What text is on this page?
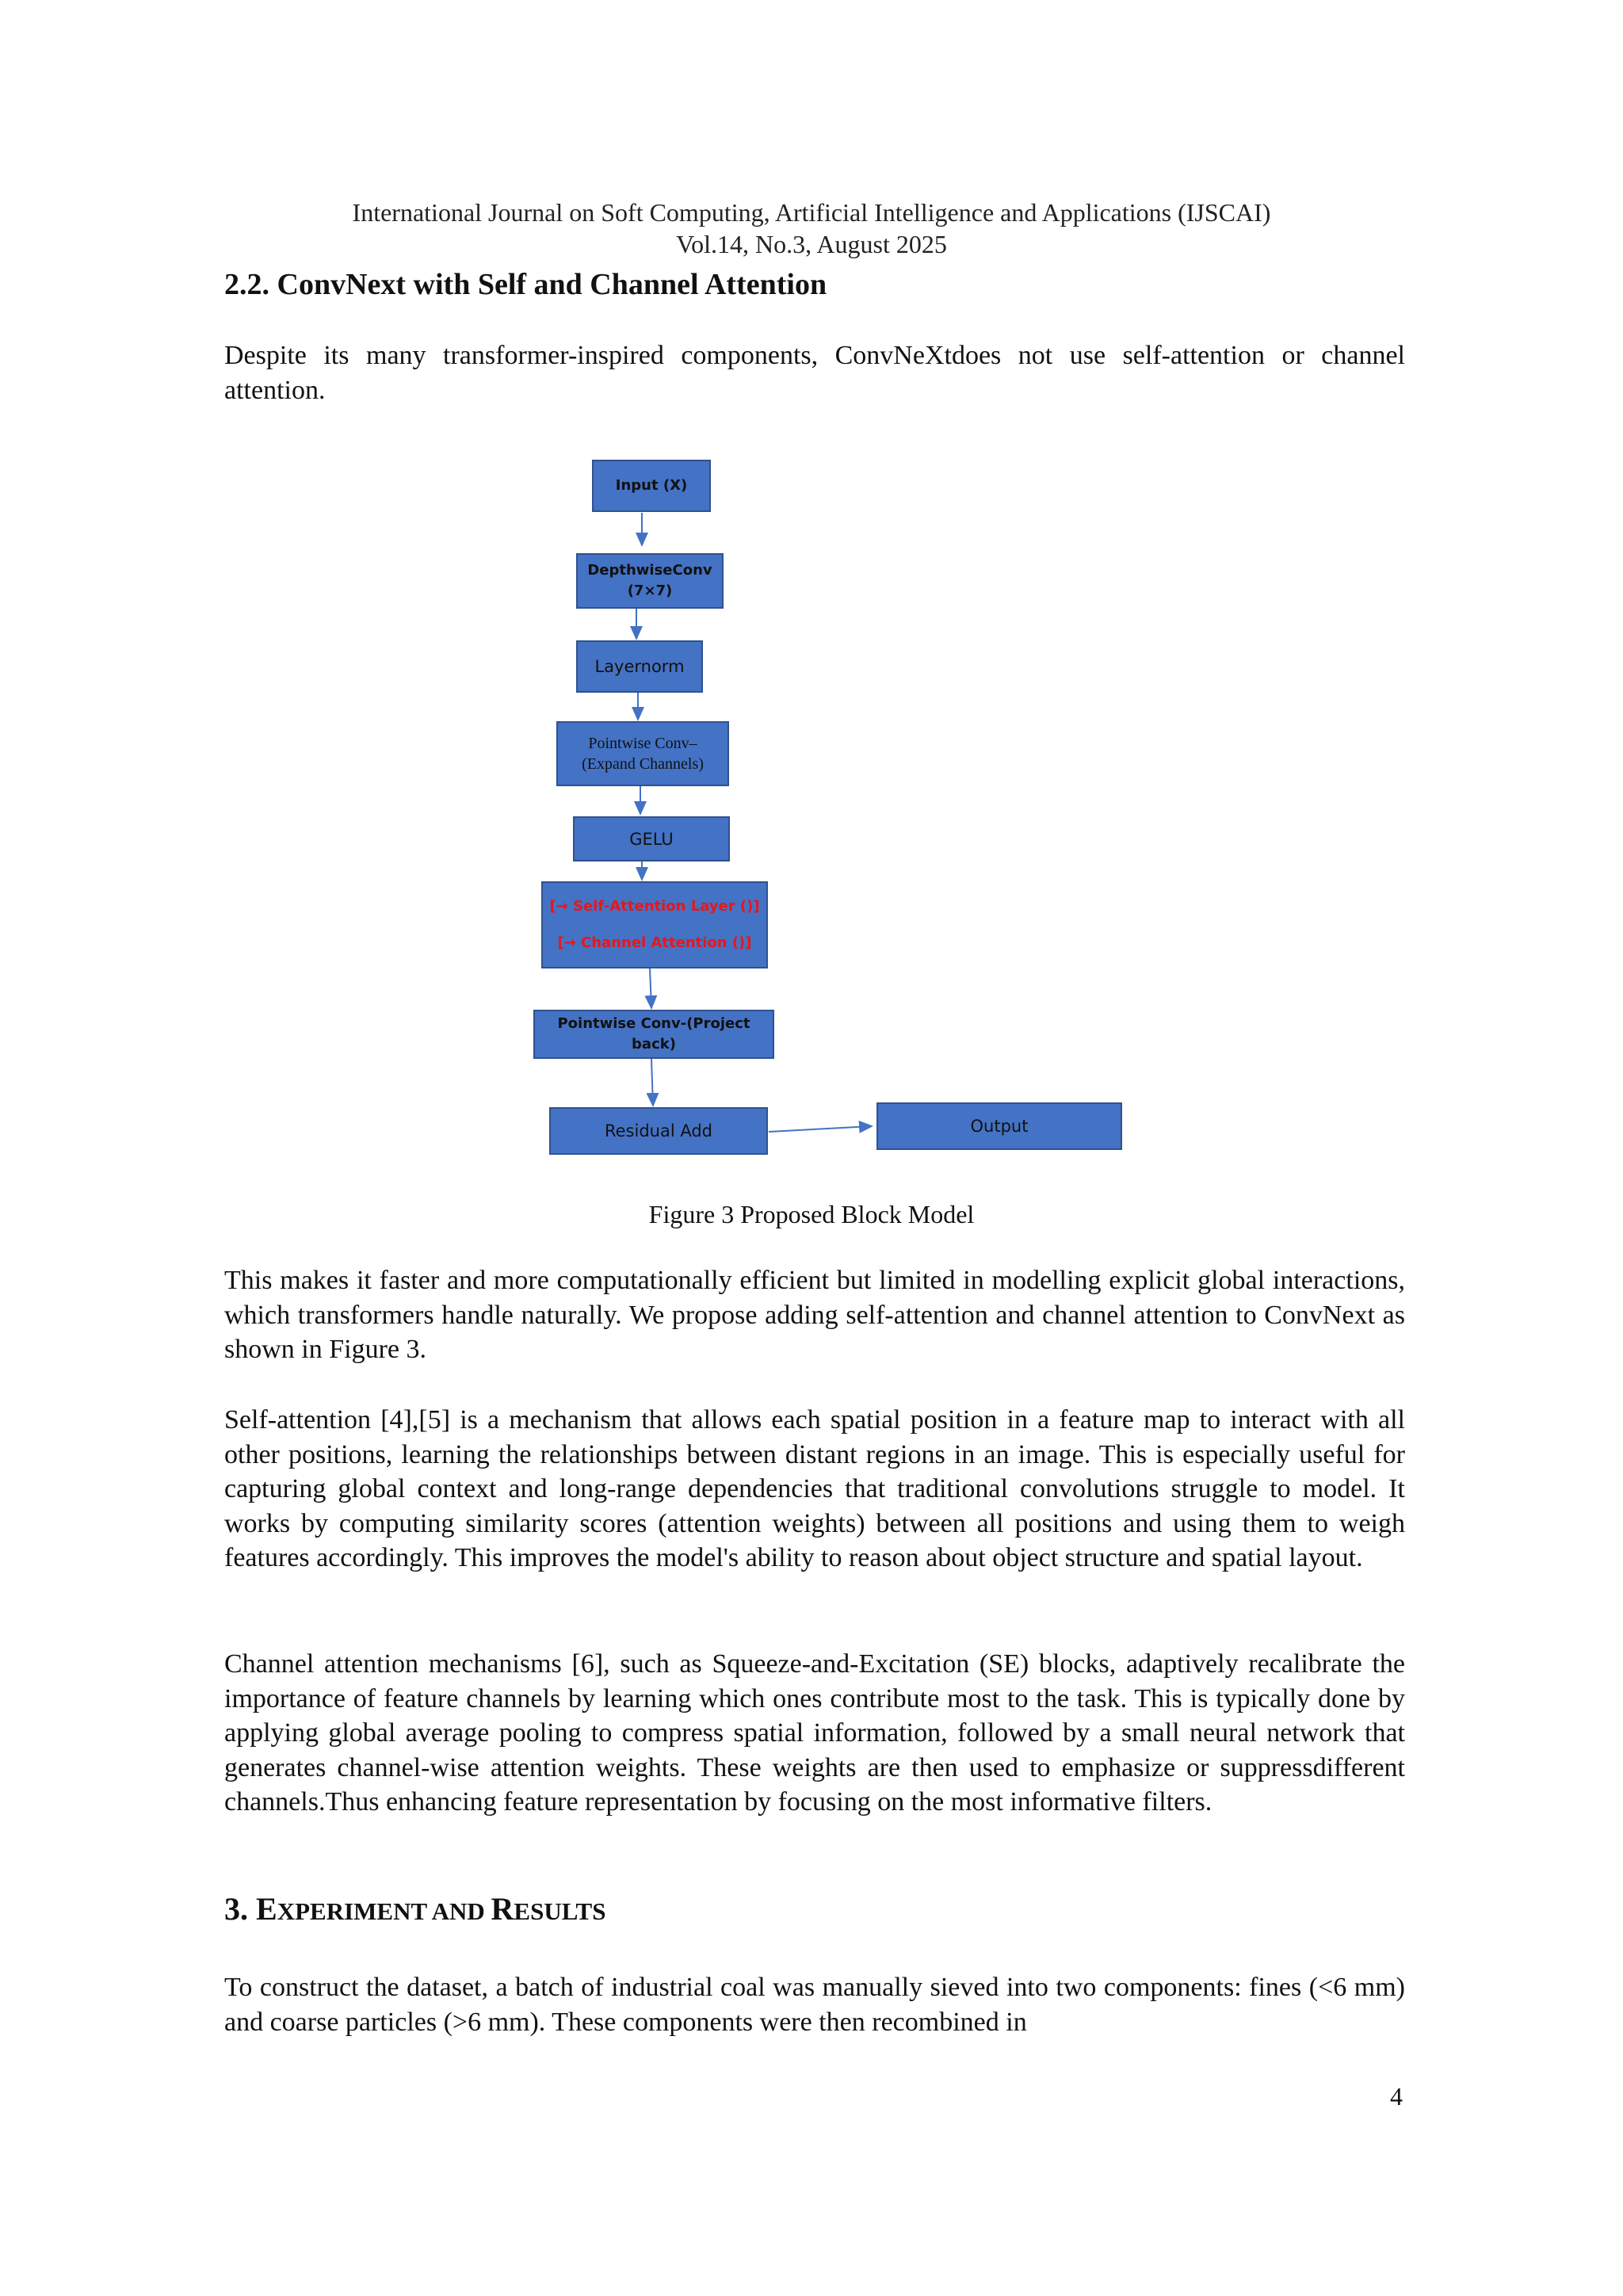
International Journal on Soft Computing, Artificial Intelligence and Applications (IJSCAI)
Vol.14, No.3, August 2025
2.2. ConvNext with Self and Channel Attention
Despite its many transformer-inspired components, ConvNeXtdoes not use self-attention or channel attention.
Input (X)
DepthwiseConv
(7×7)
Layernorm
Pointwise Conv–
(Expand Channels)
GELU
[→ Self-Attention Layer ()]
[→ Channel Attention ()]
Pointwise Conv-(Project back)
Residual Add	Output
Figure 3 Proposed Block Model
This makes it faster and more computationally efficient but limited in modelling explicit global interactions, which transformers handle naturally. We propose adding self-attention and channel attention to ConvNext as shown in Figure 3.
Self-attention [4],[5] is a mechanism that allows each spatial position in a feature map to interact with all other positions, learning the relationships between distant regions in an image. This is especially useful for capturing global context and long-range dependencies that traditional convolutions struggle to model. It works by computing similarity scores (attention weights) between all positions and using them to weigh features accordingly. This improves the model's ability to reason about object structure and spatial layout.
Channel attention mechanisms [6], such as Squeeze-and-Excitation (SE) blocks, adaptively recalibrate the importance of feature channels by learning which ones contribute most to the task. This is typically done by applying global average pooling to compress spatial information, followed by a small neural network that generates channel-wise attention weights. These weights are then used to emphasize or suppressdifferent channels.Thus enhancing feature representation by focusing on the most informative filters.
3. EXPERIMENT AND RESULTS
To construct the dataset, a batch of industrial coal was manually sieved into two components: fines (<6 mm) and coarse particles (>6 mm). These components were then recombined in
4
